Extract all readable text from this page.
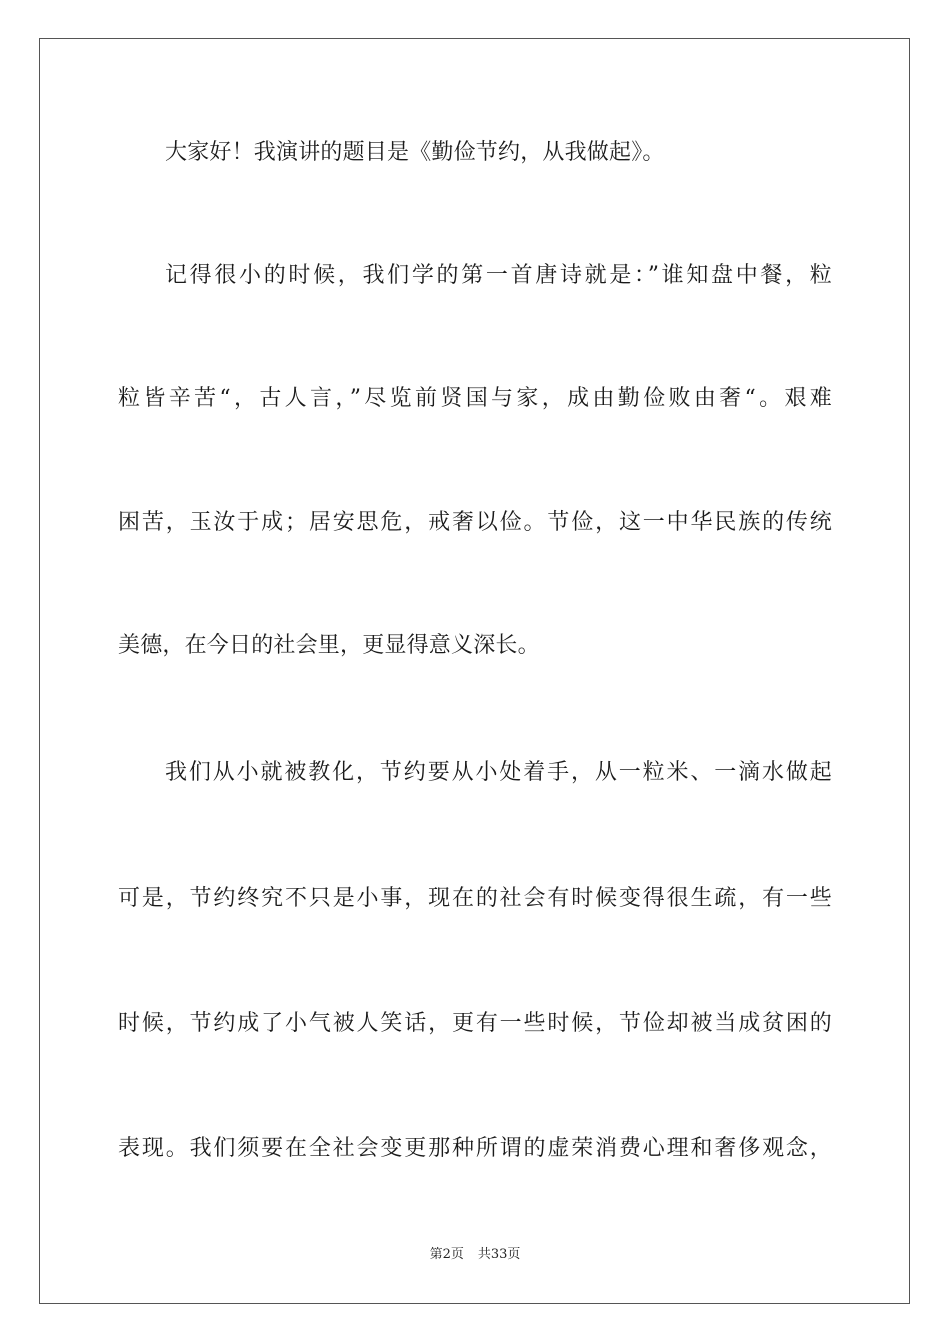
大家好！我演讲的题目是《勤俭节约，从我做起》。
记得很小的时候，我们学的第一首唐诗就是：”谁知盘中餐，粒
粒皆辛苦“，古人言，”尽览前贤国与家，成由勤俭败由奢“。艰难
困苦，玉汝于成；居安思危，戒奢以俭。节俭，这一中华民族的传统
美德，在今日的社会里，更显得意义深长。
我们从小就被教化，节约要从小处着手，从一粒米、一滴水做起
可是，节约终究不只是小事，现在的社会有时候变得很生疏，有一些
时候，节约成了小气被人笑话，更有一些时候，节俭却被当成贫困的
表现。我们须要在全社会变更那种所谓的虚荣消费心理和奢侈观念，
第2页 共33页
